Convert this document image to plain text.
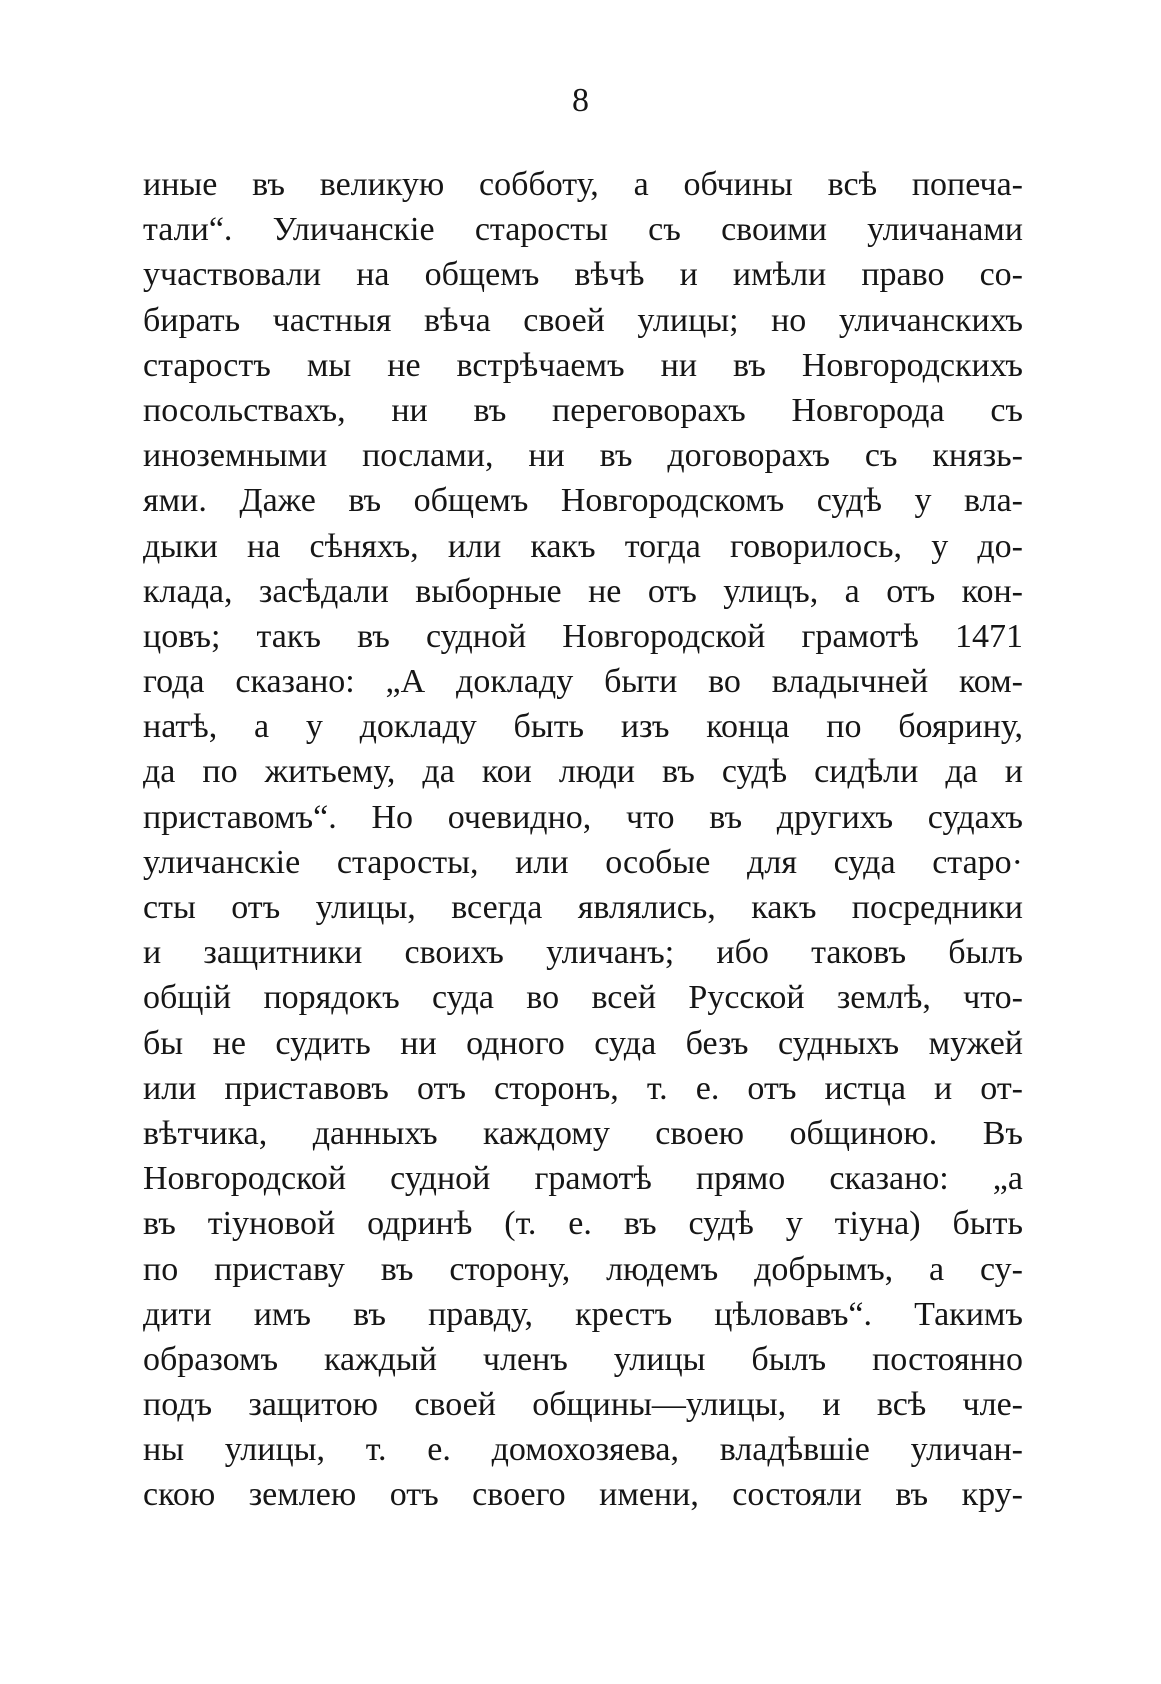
8
иные въ великую собботу, а обчины всѣ попеча-
тали“. Уличанскіе старосты съ своими уличанами
участвовали на общемъ вѣчѣ и имѣли право со-
бирать частныя вѣча своей улицы; но уличанскихъ
старостъ мы не встрѣчаемъ ни въ Новгородскихъ
посольствахъ, ни въ переговорахъ Новгорода съ
иноземными послами, ни въ договорахъ съ князь-
ями. Даже въ общемъ Новгородскомъ судѣ у вла-
дыки на сѣняхъ, или какъ тогда говорилось, у до-
клада, засѣдали выборные не отъ улицъ, а отъ кон-
цовъ; такъ въ судной Новгородской грамотѣ 1471
года сказано: „А докладу быти во владычней ком-
натѣ, а у докладу быть изъ конца по боярину,
да по житьему, да кои люди въ судѣ сидѣли да и
приставомъ“. Но очевидно, что въ другихъ судахъ
уличанскіе старосты, или особые для суда старо·
сты отъ улицы, всегда являлись, какъ посредники
и защитники своихъ уличанъ; ибо таковъ былъ
общій порядокъ суда во всей Русской землѣ, что-
бы не судить ни одного суда безъ судныхъ мужей
или приставовъ отъ сторонъ, т. е. отъ истца и от-
вѣтчика, данныхъ каждому своею общиною. Въ
Новгородской судной грамотѣ прямо сказано: „а
въ тіуновой одринѣ (т. е. въ судѣ у тіуна) быть
по приставу въ сторону, людемъ добрымъ, а су-
дити имъ въ правду, крестъ цѣловавъ“. Такимъ
образомъ каждый членъ улицы былъ постоянно
подъ защитою своей общины—улицы, и всѣ чле-
ны улицы, т. е. домохозяева, владѣвшіе уличан-
скою землею отъ своего имени, состояли въ кру-
